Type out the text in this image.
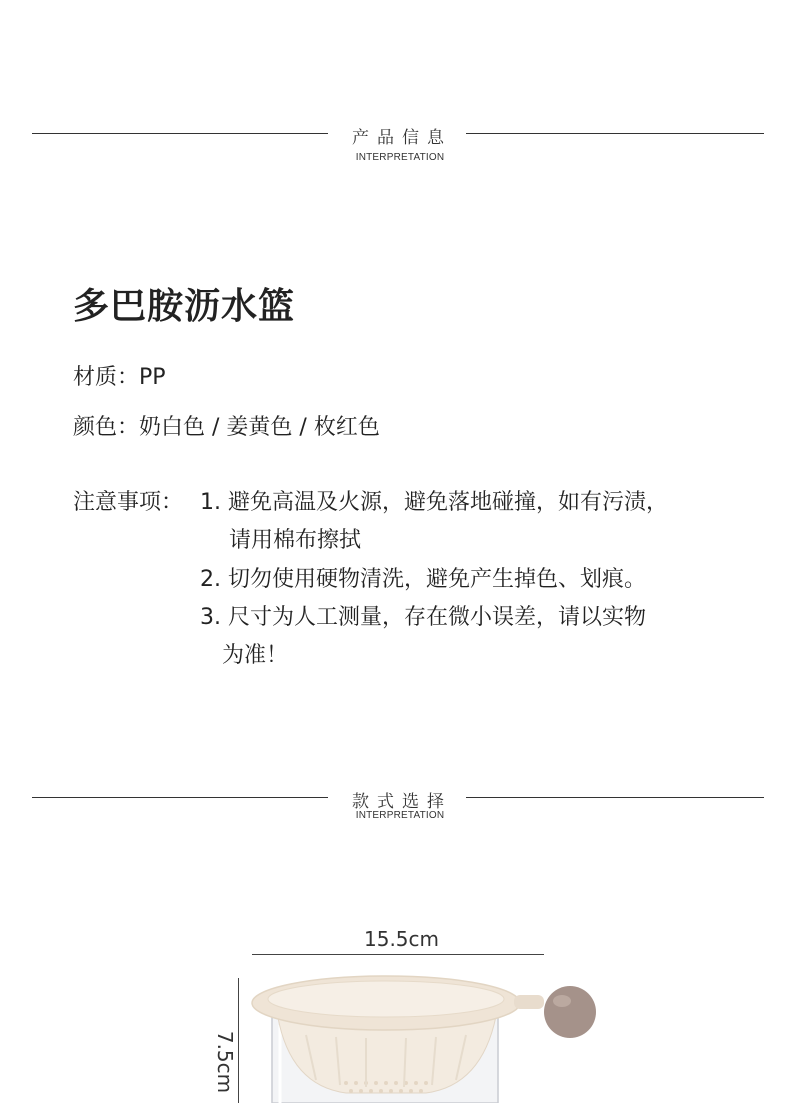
产品信息
INTERPRETATION
多巴胺沥水篮
材质：PP
颜色：奶白色 / 姜黄色 / 枚红色
注意事项： 1. 避免高温及火源，避免落地碰撞，如有污渍，
请用棉布擦拭
2. 切勿使用硬物清洗，避免产生掉色、划痕。
3. 尺寸为人工测量，存在微小误差，请以实物
为准！
款式选择
INTERPRETATION
15.5cm
7.5cm
